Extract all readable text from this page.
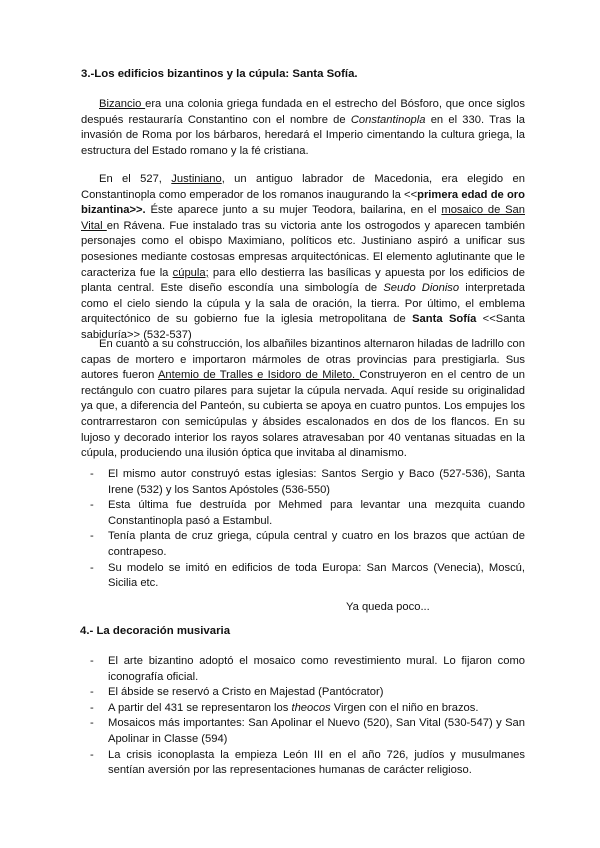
3.-Los edificios bizantinos y la cúpula: Santa Sofía.

Bizancio era una colonia griega fundada en el estrecho del Bósforo, que once siglos después restauraría Constantino con el nombre de Constantinopla en el 330. Tras la invasión de Roma por los bárbaros, heredará el Imperio cimentando la cultura griega, la estructura del Estado romano y la fé cristiana.

En el 527, Justiniano, un antiguo labrador de Macedonia, era elegido en Constantinopla como emperador de los romanos inaugurando la <<primera edad de oro bizantina>>. Éste aparece junto a su mujer Teodora, bailarina, en el mosaico de San Vital en Rávena. Fue instalado tras su victoria ante los ostrogodos y aparecen también personajes como el obispo Maximiano, políticos etc. Justiniano aspiró a unificar sus posesiones mediante costosas empresas arquitectónicas. El elemento aglutinante que le caracteriza fue la cúpula; para ello destierra las basílicas y apuesta por los edificios de planta central. Este diseño escondía una simbología de Seudo Dioniso interpretada como el cielo siendo la cúpula y la sala de oración, la tierra. Por último, el emblema arquitectónico de su gobierno fue la iglesia metropolitana de Santa Sofía <<Santa sabiduría>> (532-537)

En cuanto a su construcción, los albañiles bizantinos alternaron hiladas de ladrillo con capas de mortero e importaron mármoles de otras provincias para prestigiarla. Sus autores fueron Antemio de Tralles e Isidoro de Mileto. Construyeron en el centro de un rectángulo con cuatro pilares para sujetar la cúpula nervada. Aquí reside su originalidad ya que, a diferencia del Panteón, su cubierta se apoya en cuatro puntos. Los empujes los contrarrestaron con semicúpulas y ábsides escalonados en dos de los flancos. En su lujoso y decorado interior los rayos solares atravesaban por 40 ventanas situadas en la cúpula, produciendo una ilusión óptica que invitaba al dinamismo.

- El mismo autor construyó estas iglesias: Santos Sergio y Baco (527-536), Santa Irene (532) y los Santos Apóstoles (536-550)
- Esta última fue destruída por Mehmed para levantar una mezquita cuando Constantinopla pasó a Estambul.
- Tenía planta de cruz griega, cúpula central y cuatro en los brazos que actúan de contrapeso.
- Su modelo se imitó en edificios de toda Europa: San Marcos (Venecia), Moscú, Sicilia etc.
Ya queda poco...
4.- La decoración musivaria
- El arte bizantino adoptó el mosaico como revestimiento mural. Lo fijaron como iconografía oficial.
- El ábside se reservó a Cristo en Majestad (Pantócrator)
- A partir del 431 se representaron los theocos Virgen con el niño en brazos.
- Mosaicos más importantes: San Apolinar el Nuevo (520), San Vital (530-547) y San Apolinar in Classe (594)
- La crisis iconoplasta la empieza León III en el año 726, judíos y musulmanes sentían aversión por las representaciones humanas de carácter religioso.
